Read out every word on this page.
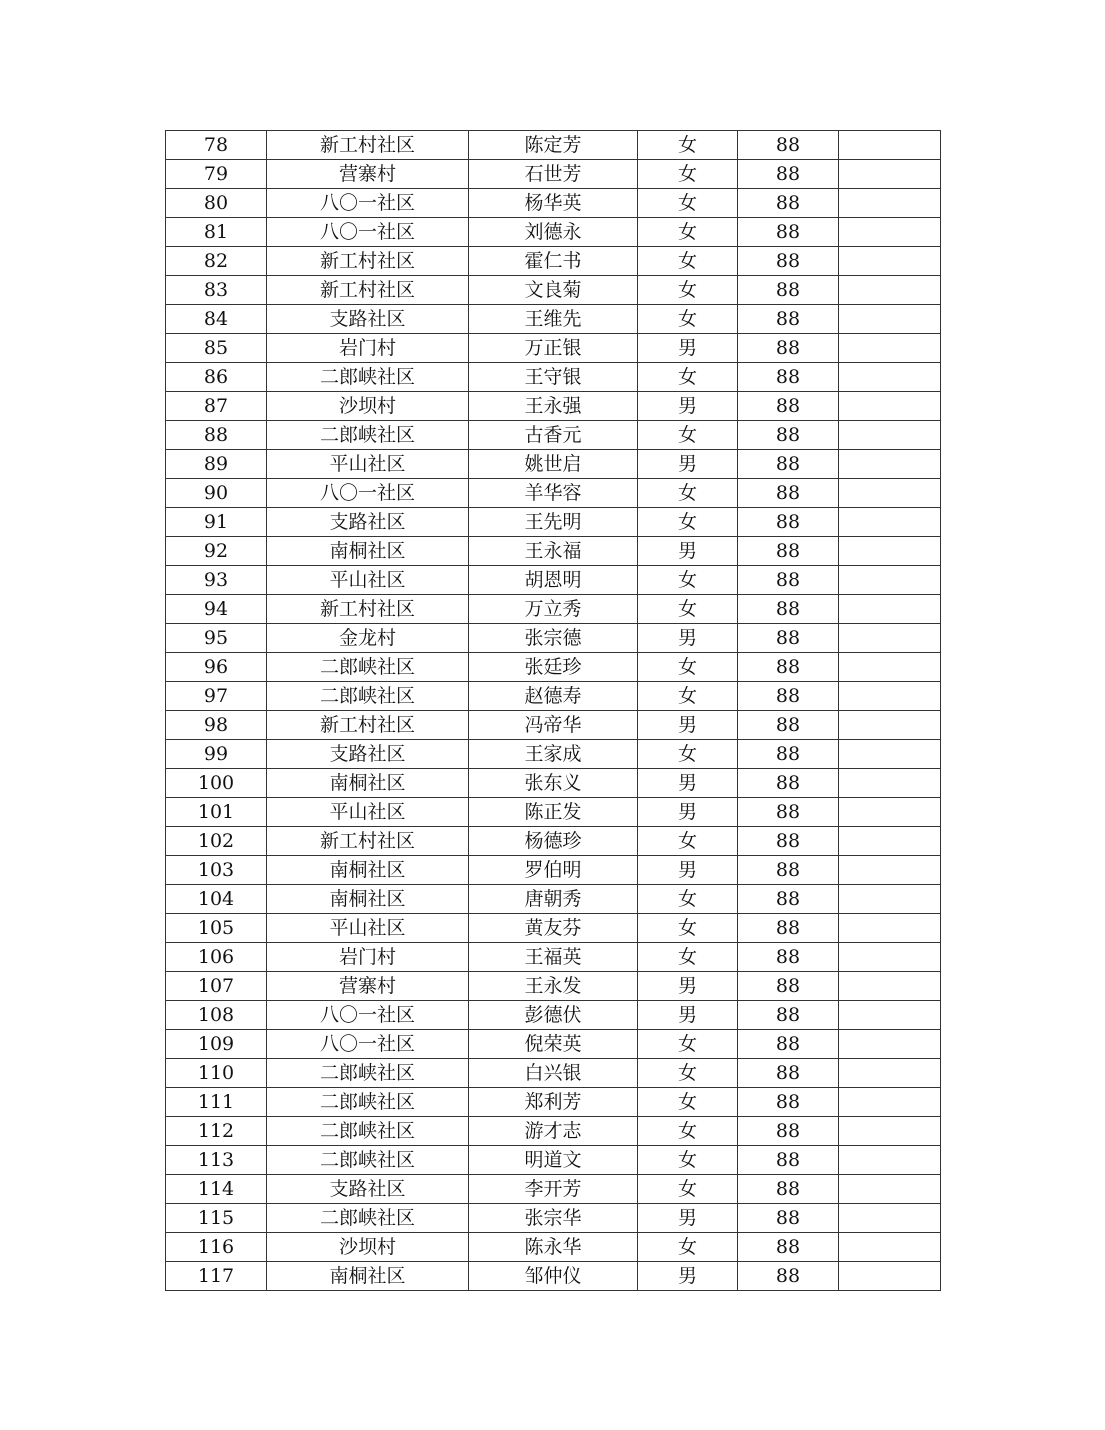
78	新工村社区	陈定芳	女	88	
79	营寨村	石世芳	女	88	
80	八〇一社区	杨华英	女	88	
81	八〇一社区	刘德永	女	88	
82	新工村社区	霍仁书	女	88	
83	新工村社区	文良菊	女	88	
84	支路社区	王维先	女	88	
85	岩门村	万正银	男	88	
86	二郎峡社区	王守银	女	88	
87	沙坝村	王永强	男	88	
88	二郎峡社区	古香元	女	88	
89	平山社区	姚世启	男	88	
90	八〇一社区	羊华容	女	88	
91	支路社区	王先明	女	88	
92	南桐社区	王永福	男	88	
93	平山社区	胡恩明	女	88	
94	新工村社区	万立秀	女	88	
95	金龙村	张宗德	男	88	
96	二郎峡社区	张廷珍	女	88	
97	二郎峡社区	赵德寿	女	88	
98	新工村社区	冯帝华	男	88	
99	支路社区	王家成	女	88	
100	南桐社区	张东义	男	88	
101	平山社区	陈正发	男	88	
102	新工村社区	杨德珍	女	88	
103	南桐社区	罗伯明	男	88	
104	南桐社区	唐朝秀	女	88	
105	平山社区	黄友芬	女	88	
106	岩门村	王福英	女	88	
107	营寨村	王永发	男	88	
108	八〇一社区	彭德伏	男	88	
109	八〇一社区	倪荣英	女	88	
110	二郎峡社区	白兴银	女	88	
111	二郎峡社区	郑利芳	女	88	
112	二郎峡社区	游才志	女	88	
113	二郎峡社区	明道文	女	88	
114	支路社区	李开芳	女	88	
115	二郎峡社区	张宗华	男	88	
116	沙坝村	陈永华	女	88	
117	南桐社区	邹仲仪	男	88	
